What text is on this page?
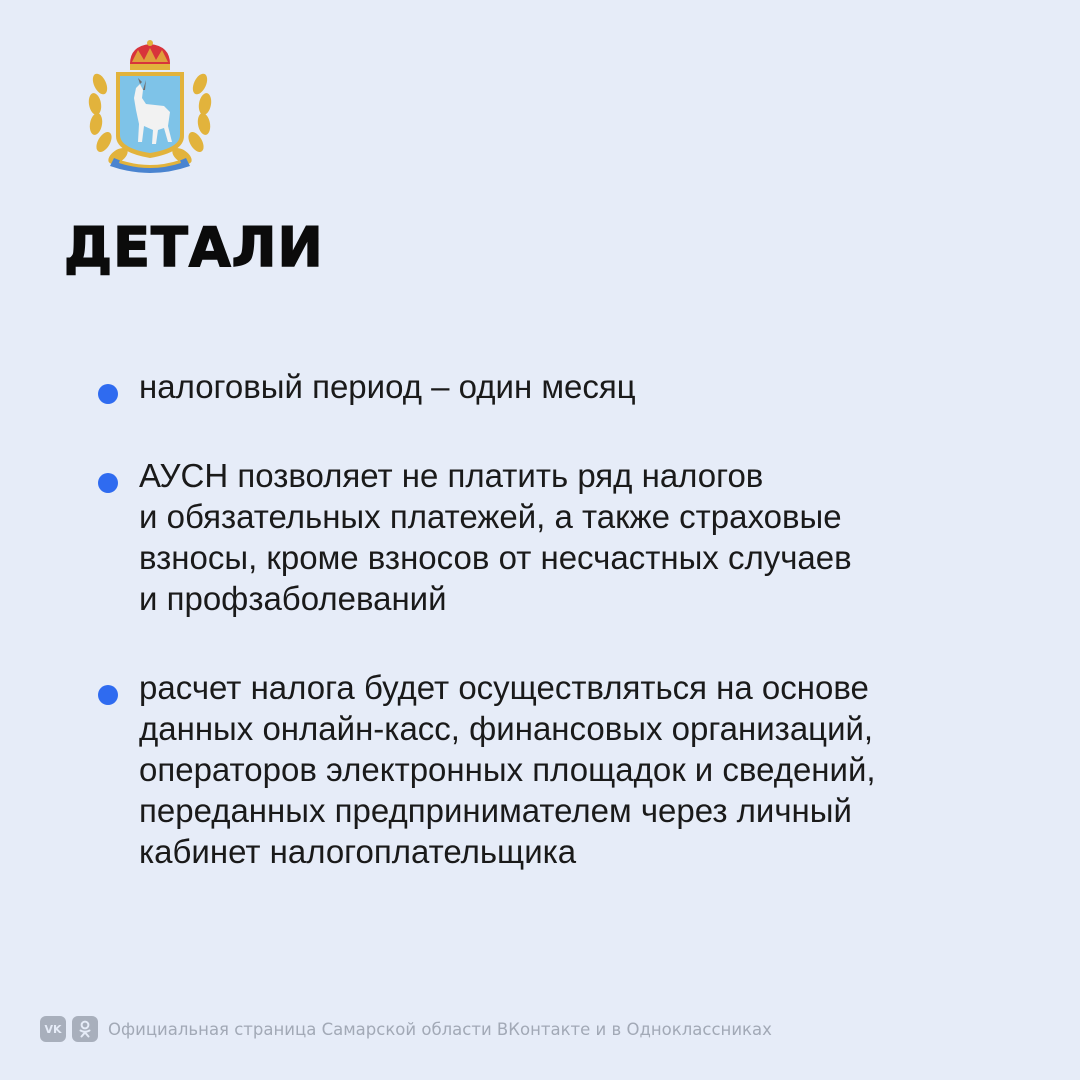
ДЕТАЛИ
налоговый период – один месяц
АУСН позволяет не платить ряд налогов
и обязательных платежей, а также страховые
взносы, кроме взносов от несчастных случаев
и профзаболеваний
расчет налога будет осуществляться на основе
данных онлайн-касс, финансовых организаций,
операторов электронных площадок и сведений,
переданных предпринимателем через личный
кабинет налогоплательщика
VK	Официальная страница Самарской области ВКонтакте и в Одноклассниках
